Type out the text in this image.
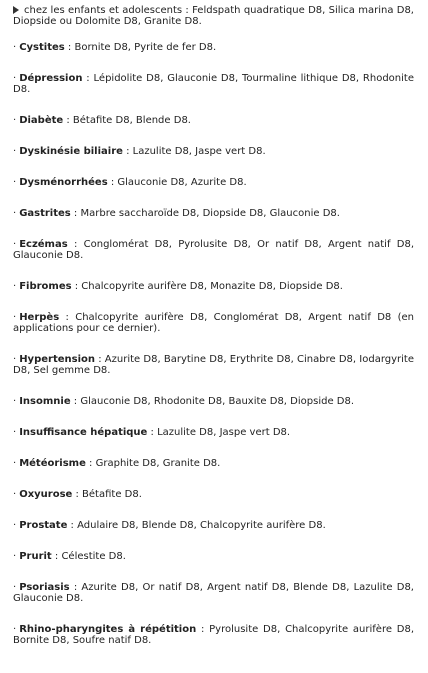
chez les enfants et adolescents : Feldspath quadratique D8, Silica marina D8, Diopside ou Dolomite D8, Granite D8.
· Cystites : Bornite D8, Pyrite de fer D8.
· Dépression : Lépidolite D8, Glauconie D8, Tourmaline lithique D8, Rhodonite D8.
· Diabète : Bétafite D8, Blende D8.
· Dyskinésie biliaire : Lazulite D8, Jaspe vert D8.
· Dysménorrhées : Glauconie D8, Azurite D8.
· Gastrites : Marbre saccharoïde D8, Diopside D8, Glauconie D8.
· Eczémas : Conglomérat D8, Pyrolusite D8, Or natif D8, Argent natif D8, Glauconie D8.
· Fibromes : Chalcopyrite aurifère D8, Monazite D8, Diopside D8.
· Herpès : Chalcopyrite aurifère D8, Conglomérat D8, Argent natif D8 (en applications pour ce dernier).
· Hypertension : Azurite D8, Barytine D8, Erythrite D8, Cinabre D8, Iodargyrite D8, Sel gemme D8.
· Insomnie : Glauconie D8, Rhodonite D8, Bauxite D8, Diopside D8.
· Insuffisance hépatique : Lazulite D8, Jaspe vert D8.
· Météorisme : Graphite D8, Granite D8.
· Oxyurose : Bétafite D8.
· Prostate : Adulaire D8, Blende D8, Chalcopyrite aurifère D8.
· Prurit : Célestite D8.
· Psoriasis : Azurite D8, Or natif D8, Argent natif D8, Blende D8, Lazulite D8, Glauconie D8.
· Rhino-pharyngites à répétition : Pyrolusite D8, Chalcopyrite aurifère D8, Bornite D8, Soufre natif D8.
